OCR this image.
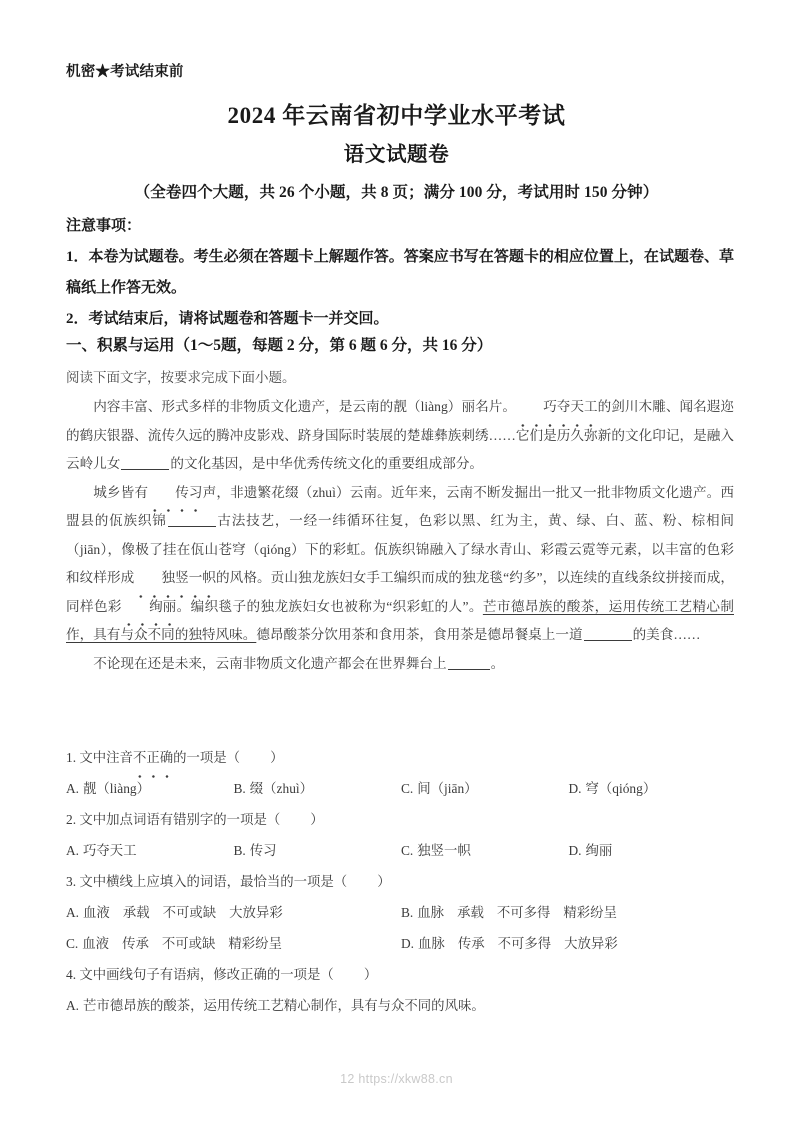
机密★考试结束前
2024 年云南省初中学业水平考试
语文试题卷
（全卷四个大题，共 26 个小题，共 8 页；满分 100 分，考试用时 150 分钟）
注意事项：
1．本卷为试题卷。考生必须在答题卡上解题作答。答案应书写在答题卡的相应位置上，在试题卷、草稿纸上作答无效。
2．考试结束后，请将试题卷和答题卡一并交回。
一、积累与运用（1～5题，每题 2 分，第 6 题 6 分，共 16 分）
阅读下面文字，按要求完成下面小题。

内容丰富、形式多样的非物质文化遗产，是云南的靓（liàng）丽名片。 巧夺天工的剑川木雕、闻名遐迩的鹤庆银器、流传久远的腾冲皮影戏、跻身国际时装展的楚雄彝族刺绣……它们是历久弥新的文化印记，是融入云岭儿女	的文化基因，是中华优秀传统文化的重要组成部分。

城乡皆有 传习声，非遗繁花缀（zhuì）云南。近年来，云南不断发掘出一批又一批非物质文化遗产。西盟县的佤族织锦	古法技艺，一经一纬循环往复，色彩以黑、红为主，黄、绿、白、蓝、粉、棕相间（jiān），像极了挂在佤山苍穹（qióng）下的彩虹。佤族织锦融入了绿水青山、彩霞云霓等元素，以丰富的色彩和纹样形成 独竖一帜的风格。贡山独龙族妇女手工编织而成的独龙毯“约多”，以连续的直线条纹拼接而成，同样色彩 绚丽。编织毯子的独龙族妇女也被称为“织彩虹的人”。芒市德昂族的酸茶，运用传统工艺精心制作，具有与众不同的独特风味。德昂酸茶分饮用茶和食用茶，食用茶是德昂餐桌上一道	的美食……

不论现在还是未来，云南非物质文化遗产都会在世界舞台上	。

1. 文中注音不正确的一项是（ ）
A. 靓（liàng）	B. 缀（zhuì）	C. 间（jiān）	D. 穹（qióng）
2. 文中加点词语有错别字的一项是（ ）
A. 巧夺天工	B. 传习	C. 独竖一帜	D. 绚丽
3. 文中横线上应填入的词语，最恰当的一项是（ ）
A. 血液 承载 不可或缺 大放异彩	B. 血脉 承载 不可多得 精彩纷呈
C. 血液 传承 不可或缺 精彩纷呈	D. 血脉 传承 不可多得 大放异彩
4. 文中画线句子有语病，修改正确的一项是（ ）
A. 芒市德昂族的酸茶，运用传统工艺精心制作，具有与众不同的风味。
12 https://xkw88.cn
